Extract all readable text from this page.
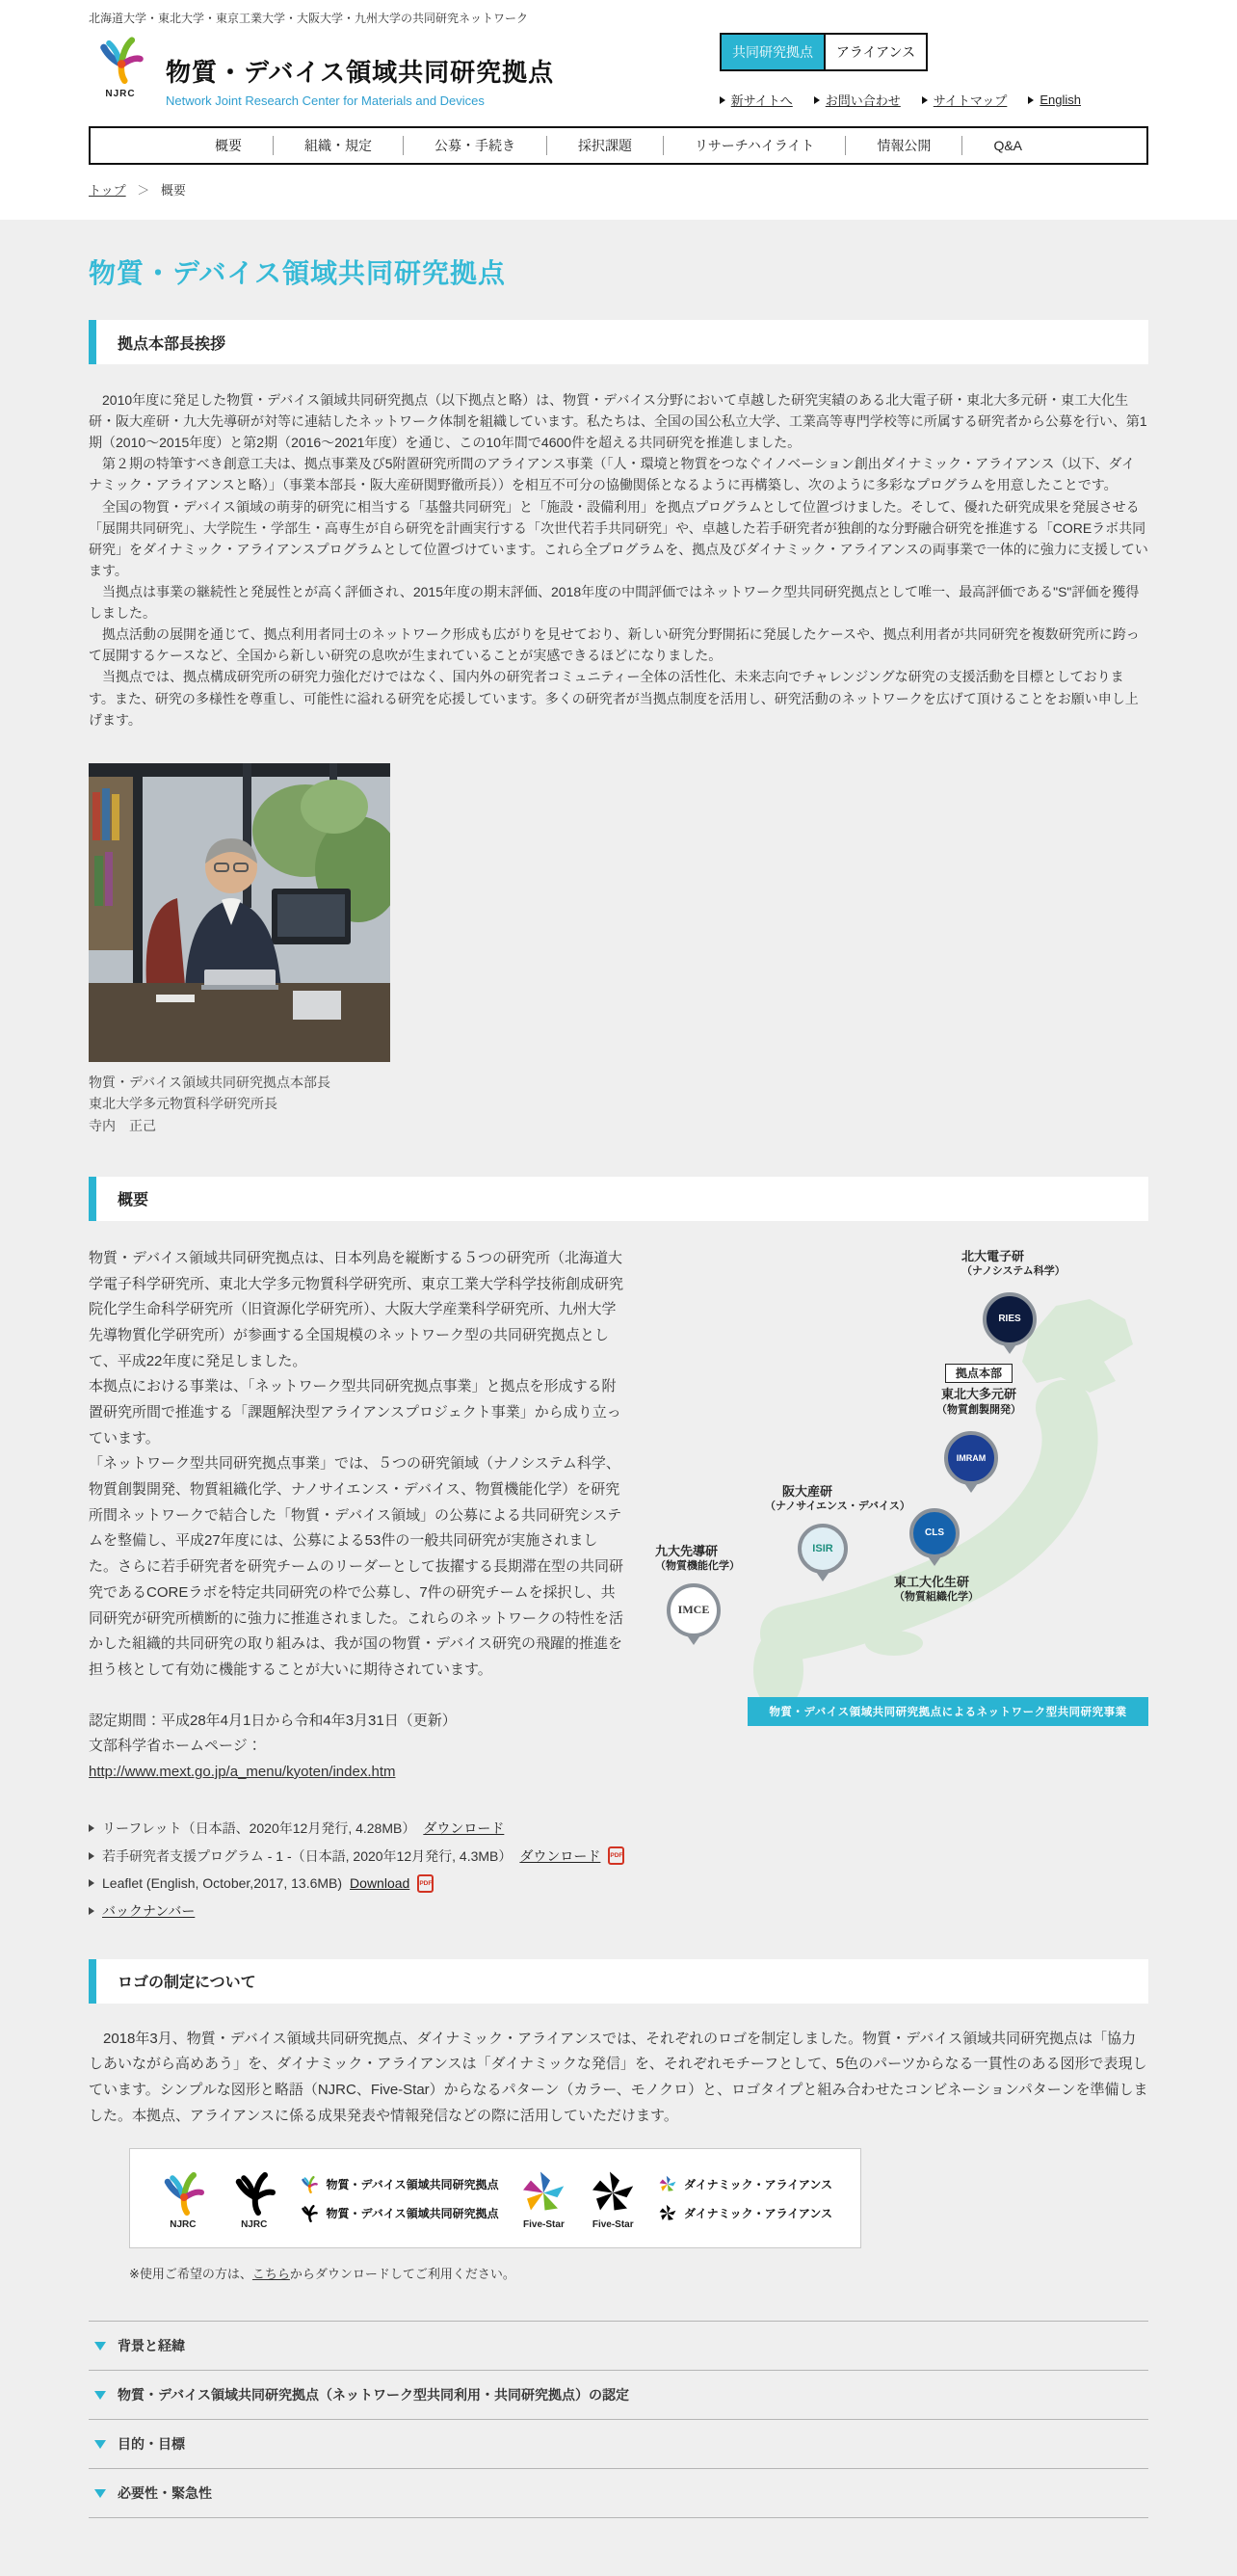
北海道大学・東北大学・東京工業大学・大阪大学・九州大学の共同研究ネットワーク
NJRC
物質・デバイス領域共同研究拠点
Network Joint Research Center for Materials and Devices
共同研究拠点	アライアンス
新サイトへ	お問い合わせ	サイトマップ	English
概要	組織・規定	公募・手続き	採択課題	リサーチハイライト	情報公開	Q&A
トップ ＞ 概要
物質・デバイス領域共同研究拠点
拠点本部長挨拶

　2010年度に発足した物質・デバイス領域共同研究拠点（以下拠点と略）は、物質・デバイス分野において卓越した研究実績のある北大電子研・東北大多元研・東工大化生研・阪大産研・九大先導研が対等に連結したネットワーク体制を組織しています。私たちは、全国の国公私立大学、工業高等専門学校等に所属する研究者から公募を行い、第1期（2010～2015年度）と第2期（2016～2021年度）を通じ、この10年間で4600件を超える共同研究を推進しました。

　第２期の特筆すべき創意工夫は、拠点事業及び5附置研究所間のアライアンス事業（「人・環境と物質をつなぐイノベーション創出ダイナミック・アライアンス（以下、ダイナミック・アライアンスと略）」（事業本部長・阪大産研関野徹所長））を相互不可分の協働関係となるように再構築し、次のように多彩なプログラムを用意したことです。

　全国の物質・デバイス領域の萌芽的研究に相当する「基盤共同研究」と「施設・設備利用」を拠点プログラムとして位置づけました。そして、優れた研究成果を発展させる「展開共同研究」、大学院生・学部生・高専生が自ら研究を計画実行する「次世代若手共同研究」や、卓越した若手研究者が独創的な分野融合研究を推進する「COREラボ共同研究」をダイナミック・アライアンスプログラムとして位置づけています。これら全プログラムを、拠点及びダイナミック・アライアンスの両事業で一体的に強力に支援しています。

　当拠点は事業の継続性と発展性とが高く評価され、2015年度の期末評価、2018年度の中間評価ではネットワーク型共同研究拠点として唯一、最高評価である"S"評価を獲得しました。

　拠点活動の展開を通じて、拠点利用者同士のネットワーク形成も広がりを見せており、新しい研究分野開拓に発展したケースや、拠点利用者が共同研究を複数研究所に跨って展開するケースなど、全国から新しい研究の息吹が生まれていることが実感できるほどになりました。

　当拠点では、拠点構成研究所の研究力強化だけではなく、国内外の研究者コミュニティー全体の活性化、未来志向でチャレンジングな研究の支援活動を目標としております。また、研究の多様性を尊重し、可能性に溢れる研究を応援しています。多くの研究者が当拠点制度を活用し、研究活動のネットワークを広げて頂けることをお願い申し上げます。

物質・デバイス領域共同研究拠点本部長
東北大学多元物質科学研究所長
寺内　正己
概要

物質・デバイス領域共同研究拠点は、日本列島を縦断する５つの研究所（北海道大学電子科学研究所、東北大学多元物質科学研究所、東京工業大学科学技術創成研究院化学生命科学研究所（旧資源化学研究所）、大阪大学産業科学研究所、九州大学先導物質化学研究所）が参画する全国規模のネットワーク型の共同研究拠点として、平成22年度に発足しました。

本拠点における事業は、「ネットワーク型共同研究拠点事業」と拠点を形成する附置研究所間で推進する「課題解決型アライアンスプロジェクト事業」から成り立っています。

「ネットワーク型共同研究拠点事業」では、５つの研究領域（ナノシステム科学、物質創製開発、物質組織化学、ナノサイエンス・デバイス、物質機能化学）を研究所間ネットワークで結合した「物質・デバイス領域」の公募による共同研究システムを整備し、平成27年度には、公募による53件の一般共同研究が実施されました。さらに若手研究者を研究チームのリーダーとして抜擢する長期滞在型の共同研究であるCOREラボを特定共同研究の枠で公募し、7件の研究チームを採択し、共同研究が研究所横断的に強力に推進されました。これらのネットワークの特性を活かした組織的共同研究の取り組みは、我が国の物質・デバイス研究の飛躍的推進を担う核として有効に機能することが大いに期待されています。

認定期間：平成28年4月1日から令和4年3月31日（更新）
文部科学省ホームページ：
http://www.mext.go.jp/a_menu/kyoten/index.htm
北大電子研
（ナノシステム科学）
RIES
拠点本部
東北大多元研
（物質創製開発）
IMRAM
CLS
東工大化生研
（物質組織化学）
阪大産研
（ナノサイエンス・デバイス）
ISIR
九大先導研
（物質機能化学）
IMCE
物質・デバイス領域共同研究拠点によるネットワーク型共同研究事業
リーフレット（日本語、2020年12月発行, 4.28MB） ダウンロード
若手研究者支援プログラム - 1 -（日本語, 2020年12月発行, 4.3MB） ダウンロード	PDF
Leaflet (English, October,2017, 13.6MB) Download	PDF
バックナンバー
ロゴの制定について

　2018年3月、物質・デバイス領域共同研究拠点、ダイナミック・アライアンスでは、それぞれのロゴを制定しました。物質・デバイス領域共同研究拠点は「協力しあいながら高めあう」を、ダイナミック・アライアンスは「ダイナミックな発信」を、それぞれモチーフとして、5色のパーツからなる一貫性のある図形で表現しています。シンプルな図形と略語（NJRC、Five-Star）からなるパターン（カラー、モノクロ）と、ロゴタイプと組み合わせたコンビネーションパターンを準備しました。本拠点、アライアンスに係る成果発表や情報発信などの際に活用していただけます。

NJRC	NJRC
物質・デバイス領域共同研究拠点
物質・デバイス領域共同研究拠点
Five-Star	Five-Star
ダイナミック・アライアンス
ダイナミック・アライアンス
※使用ご希望の方は、こちらからダウンロードしてご利用ください。
背景と経緯
物質・デバイス領域共同研究拠点（ネットワーク型共同利用・共同研究拠点）の認定
目的・目標
必要性・緊急性
